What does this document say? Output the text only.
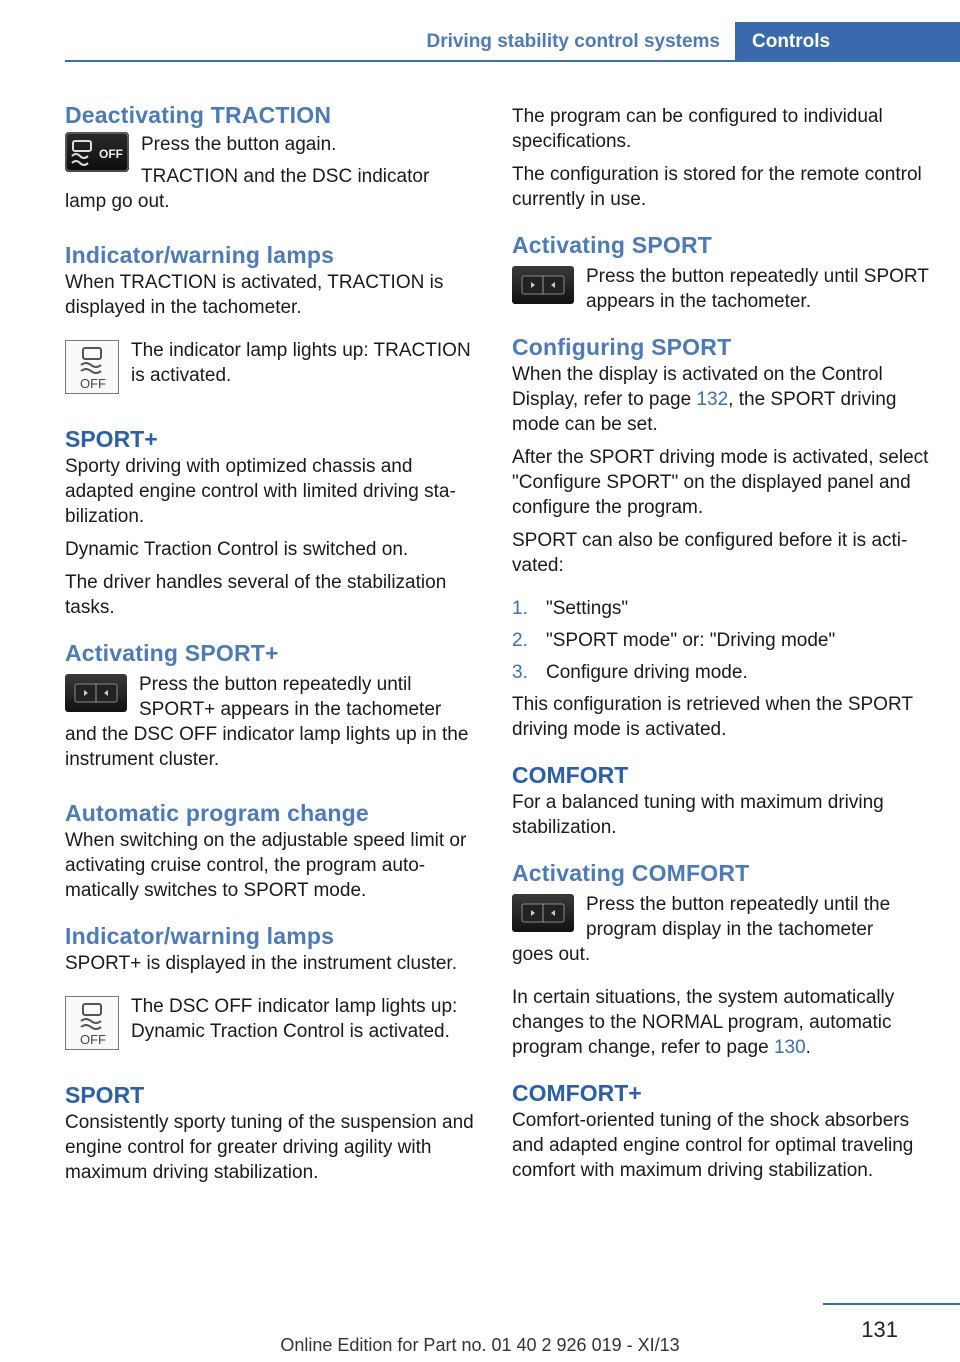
Driving stability control systems	Controls
Deactivating TRACTION
OFF Press the button again.

TRACTION and the DSC indicator

lamp go out.

Indicator/warning lamps

When TRACTION is activated, TRACTION is displayed in the tachometer.

OFF

The indicator lamp lights up: TRACTION is activated.

SPORT+

Sporty driving with optimized chassis and adapted engine control with limited driving stabilization.

Dynamic Traction Control is switched on.

The driver handles several of the stabilization tasks.

Activating SPORT+

Press the button repeatedly until

SPORT+ appears in the tachometer

and the DSC OFF indicator lamp lights up in the instrument cluster.

Automatic program change

When switching on the adjustable speed limit or activating cruise control, the program automatically switches to SPORT mode.

Indicator/warning lamps

SPORT+ is displayed in the instrument cluster.

OFF

The DSC OFF indicator lamp lights up: Dynamic Traction Control is activated.

SPORT

Consistently sporty tuning of the suspension and engine control for greater driving agility with maximum driving stabilization.

The program can be configured to individual specifications.

The configuration is stored for the remote control currently in use.

Activating SPORT

Press the button repeatedly until SPORT appears in the tachometer.

Configuring SPORT

When the display is activated on the Control Display, refer to page 132, the SPORT driving mode can be set.

After the SPORT driving mode is activated, select "Configure SPORT" on the displayed panel and configure the program.

SPORT can also be configured before it is activated:

1. "Settings"
2. "SPORT mode" or: "Driving mode"
3. Configure driving mode.

This configuration is retrieved when the SPORT driving mode is activated.

COMFORT

For a balanced tuning with maximum driving stabilization.

Activating COMFORT

Press the button repeatedly until the

program display in the tachometer

goes out.

In certain situations, the system automatically changes to the NORMAL program, automatic program change, refer to page 130.

COMFORT+

Comfort-oriented tuning of the shock absorbers and adapted engine control for optimal traveling comfort with maximum driving stabilization.

131
Online Edition for Part no. 01 40 2 926 019 - XI/13
